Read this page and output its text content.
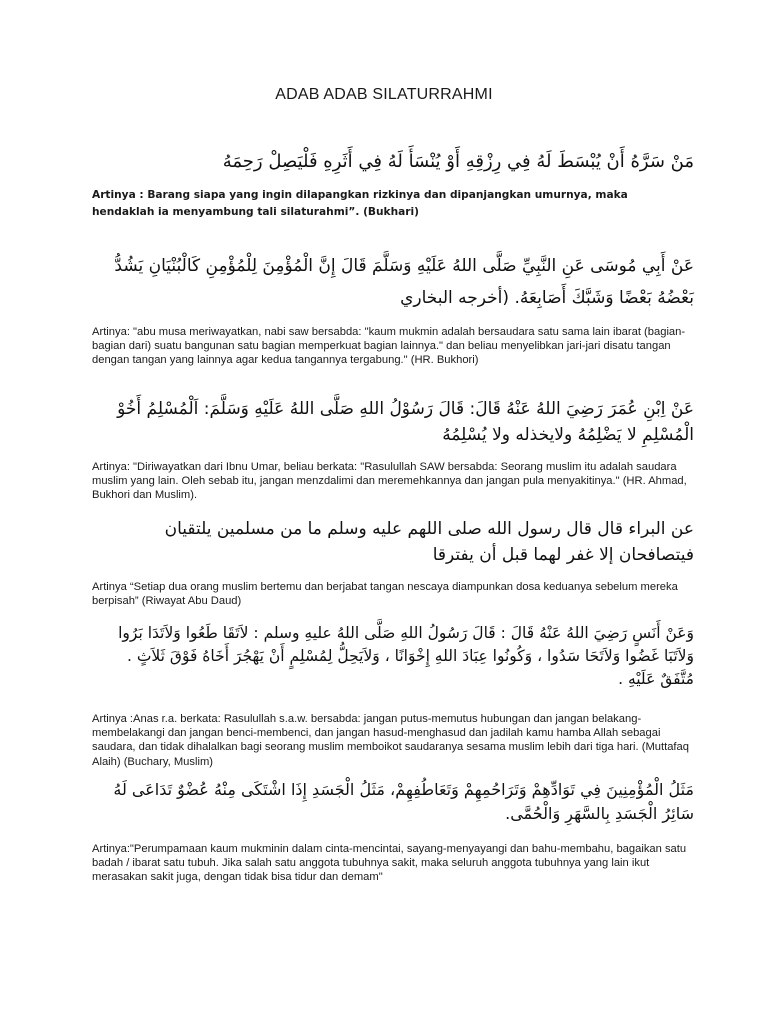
ADAB ADAB SILATURRAHMI
مَنْ سَرَّهُ أَنْ يُبْسَطَ لَهُ فِي رِزْقِهِ أَوْ يُنْسَأَ لَهُ فِي أَثَرِهِ فَلْيَصِلْ رَحِمَهُ
Artinya : Barang siapa yang ingin dilapangkan rizkinya dan dipanjangkan umurnya, maka hendaklah ia menyambung tali silaturahmi”. (Bukhari)
عَنْ أَبِي مُوسَى عَنِ النَّبِيِّ صَلَّى اللهُ عَلَيْهِ وَسَلَّمَ قَالَ إِنَّ الْمُؤْمِنَ لِلْمُؤْمِنِ كَالْبُنْيَانِ يَشُدُّ بَعْضُهُ بَعْضًا وَشَبَّكَ أَصَابِعَهُ. (أخرجه البخاري
Artinya: "abu musa meriwayatkan, nabi saw bersabda: "kaum mukmin adalah bersaudara satu sama lain ibarat (bagian-bagian dari) suatu bangunan satu bagian memperkuat bagian lainnya." dan beliau menyelibkan jari-jari disatu tangan dengan tangan yang lainnya agar kedua tangannya tergabung." (HR. Bukhori)
عَنْ اِبْنِ عُمَرَ رَضِيَ اللهُ عَنْهُ قَالَ: قَالَ رَسُوْلُ اللهِ صَلَّى اللهُ عَلَيْهِ وَسَلَّمَ: اَلْمُسْلِمُ أَخُوْ الْمُسْلِمِ لا يَضْلِمُهُ ولايخذله ولا يُسْلِمُهُ
Artinya: "Diriwayatkan dari Ibnu Umar, beliau berkata: "Rasulullah SAW bersabda: Seorang muslim itu adalah saudara muslim yang lain. Oleh sebab itu, jangan menzdalimi dan meremehkannya dan jangan pula menyakitinya." (HR. Ahmad, Bukhori dan Muslim).
عن البراء قال قال رسول الله صلى اللهم عليه وسلم ما من مسلمين يلتقيان فيتصافحان إلا غفر لهما قبل أن يفترقا
Artinya “Setiap dua orang muslim bertemu dan berjabat tangan nescaya diampunkan dosa keduanya sebelum mereka berpisah” (Riwayat Abu Daud)
وَعَنْ أَنَسٍ رَضِيَ اللهُ عَنْهُ قَالَ : قَالَ رَسُولُ اللهِ صَلَّى اللهُ عليهِ وسلم : لاَتَقَا طَعُوا وَلاَتَدَا بَرُوا وَلاَتَبَا غَضُوا وَلاَتَحَا سَدُوا ، وَكُونُوا عِبَادَ اللهِ إِخْوَانًا ، وَلاَيَحِلُّ لِمُسْلِمٍ أَنْ يَهْجُرَ أَخَاهُ فَوْقَ ثَلاَثٍ . مُتَّفَقٌ عَلَيْهِ .
Artinya :Anas r.a. berkata: Rasulullah s.a.w. bersabda: jangan putus-memutus hubungan dan jangan belakang-membelakangi dan jangan benci-membenci, dan jangan hasud-menghasud dan jadilah kamu hamba Allah sebagai saudara, dan tidak dihalalkan bagi seorang muslim memboikot saudaranya sesama muslim lebih dari tiga hari. (Muttafaq Alaih) (Buchary, Muslim)
مَثَلُ الْمُؤْمِنِينَ فِي تَوَادِّهِمْ وَتَرَاحُمِهِمْ وَتَعَاطُفِهِمْ، مَثَلُ الْجَسَدِ إِذَا اشْتَكَى مِنْهُ عُضْوٌ تَدَاعَى لَهُ سَائِرُ الْجَسَدِ بِالسَّهَرِ وَالْحُمَّى.
Artinya:"Perumpamaan kaum mukminin dalam cinta-mencintai, sayang-menyayangi dan bahu-membahu, bagaikan satu badah / ibarat satu tubuh. Jika salah satu anggota tubuhnya sakit, maka seluruh anggota tubuhnya yang lain ikut merasakan sakit juga, dengan tidak bisa tidur dan demam"
